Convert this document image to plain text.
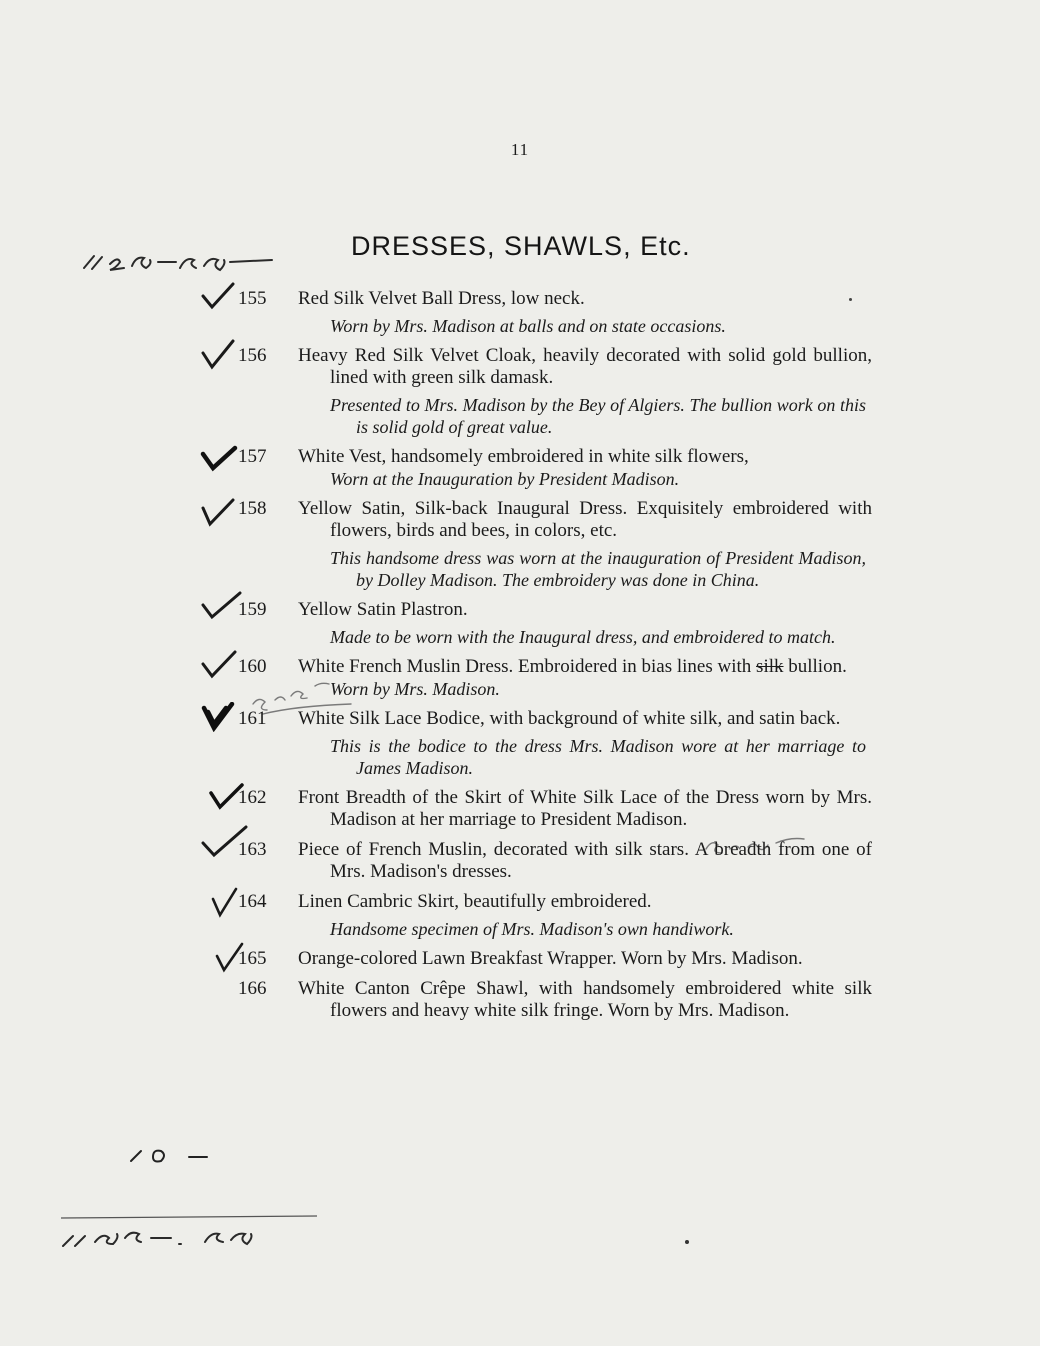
11
DRESSES, SHAWLS, Etc.
155	Red Silk Velvet Ball Dress, low neck.
Worn by Mrs. Madison at balls and on state occasions.
156	Heavy Red Silk Velvet Cloak, heavily decorated with solid gold bullion, lined with green silk damask.
Presented to Mrs. Madison by the Bey of Algiers. The bullion work on this is solid gold of great value.
157	White Vest, handsomely embroidered in white silk flowers,
Worn at the Inauguration by President Madison.
158	Yellow Satin, Silk-back Inaugural Dress. Exquisitely embroidered with flowers, birds and bees, in colors, etc.
This handsome dress was worn at the inauguration of President Madison, by Dolley Madison. The embroidery was done in China.
159	Yellow Satin Plastron.
Made to be worn with the Inaugural dress, and embroidered to match.
160	White French Muslin Dress. Embroidered in bias lines with silk bullion.
Worn by Mrs. Madison.
161	White Silk Lace Bodice, with background of white silk, and satin back.
This is the bodice to the dress Mrs. Madison wore at her marriage to James Madison.
162	Front Breadth of the Skirt of White Silk Lace of the Dress worn by Mrs. Madison at her marriage to President Madison.
163	Piece of French Muslin, decorated with silk stars. A breadth from one of Mrs. Madison's dresses.
164	Linen Cambric Skirt, beautifully embroidered.
Handsome specimen of Mrs. Madison's own handiwork.
165	Orange-colored Lawn Breakfast Wrapper. Worn by Mrs. Madison.
166	White Canton Crêpe Shawl, with handsomely embroidered white silk flowers and heavy white silk fringe. Worn by Mrs. Madison.
